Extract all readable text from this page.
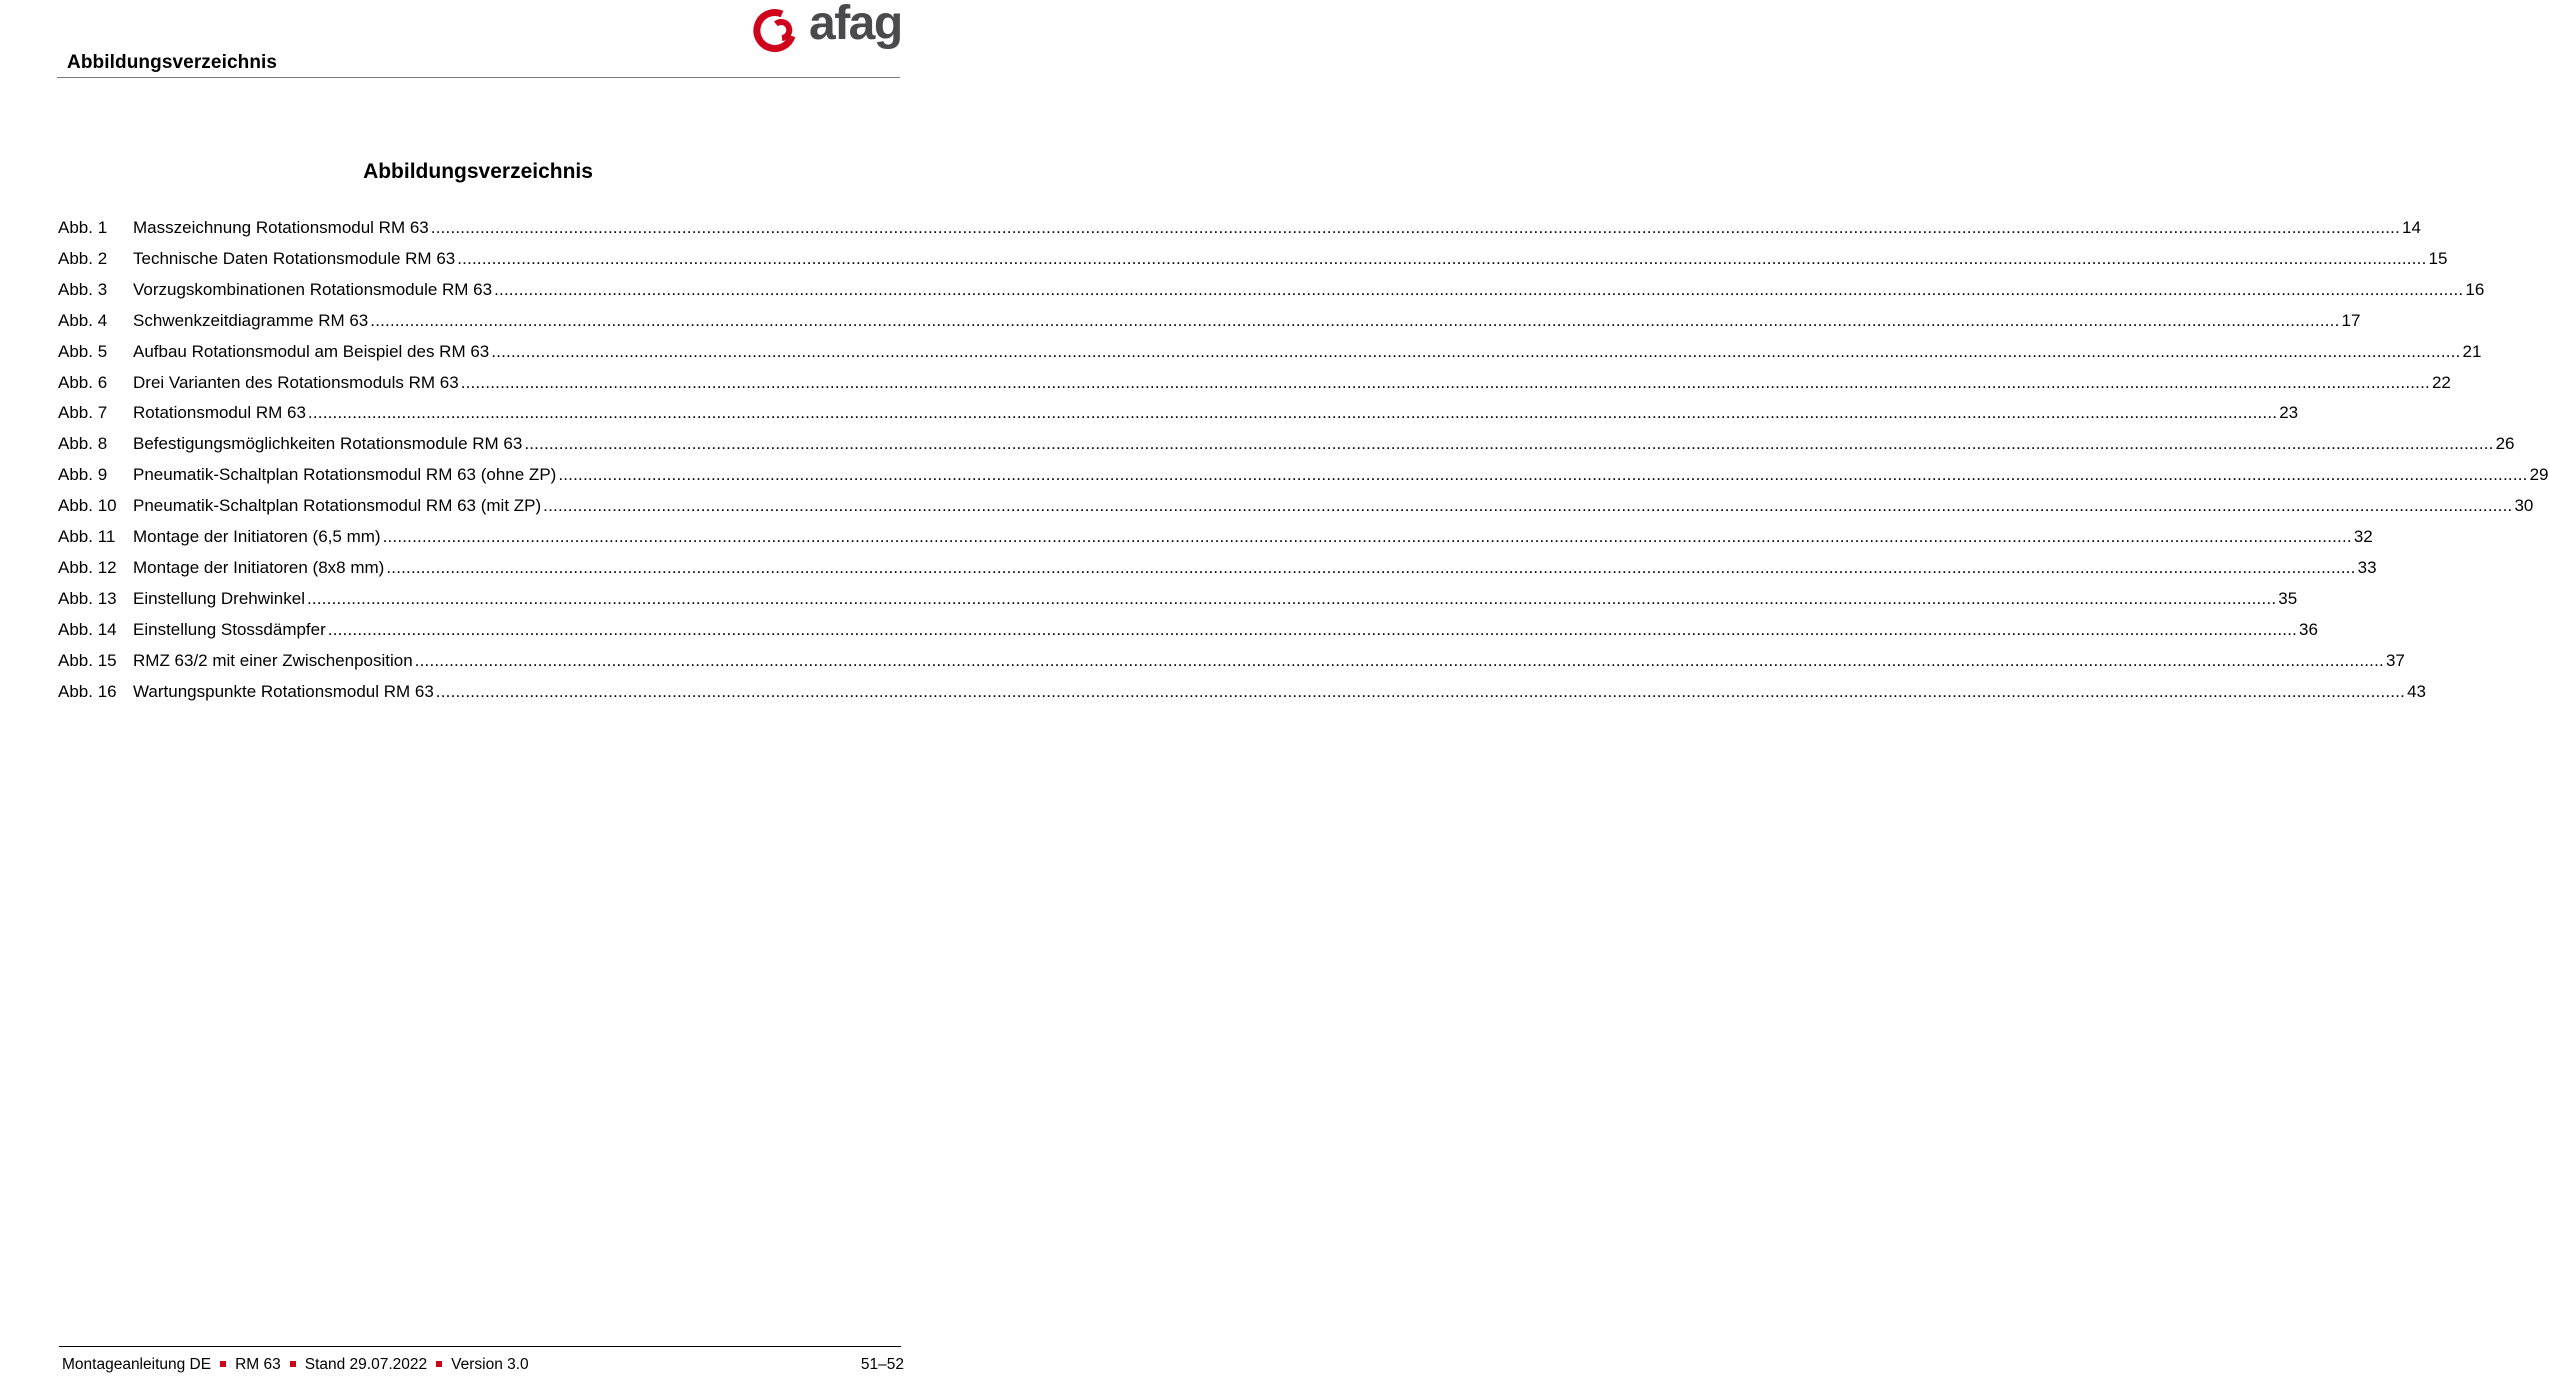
Abbildungsverzeichnis
afag
Abbildungsverzeichnis
Abb. 1	Masszeichnung Rotationsmodul RM 63 ................................................................................................................................................................................................................................................................................................................................................................................................................ 14
Abb. 2	Technische Daten Rotationsmodule RM 63 ................................................................................................................................................................................................................................................................................................................................................................................................................ 15
Abb. 3	Vorzugskombinationen Rotationsmodule RM 63 ................................................................................................................................................................................................................................................................................................................................................................................................................ 16
Abb. 4	Schwenkzeitdiagramme RM 63 ................................................................................................................................................................................................................................................................................................................................................................................................................ 17
Abb. 5	Aufbau Rotationsmodul am Beispiel des RM 63 ................................................................................................................................................................................................................................................................................................................................................................................................................ 21
Abb. 6	Drei Varianten des Rotationsmoduls RM 63 ................................................................................................................................................................................................................................................................................................................................................................................................................ 22
Abb. 7	Rotationsmodul RM 63 ................................................................................................................................................................................................................................................................................................................................................................................................................ 23
Abb. 8	Befestigungsmöglichkeiten Rotationsmodule RM 63 ................................................................................................................................................................................................................................................................................................................................................................................................................ 26
Abb. 9	Pneumatik-Schaltplan Rotationsmodul RM 63 (ohne ZP) ................................................................................................................................................................................................................................................................................................................................................................................................................ 29
Abb. 10 Pneumatik-Schaltplan Rotationsmodul RM 63 (mit ZP) ................................................................................................................................................................................................................................................................................................................................................................................................................ 30
Abb. 11	Montage der Initiatoren (6,5 mm) ................................................................................................................................................................................................................................................................................................................................................................................................................ 32
Abb. 12 Montage der Initiatoren (8x8 mm) ................................................................................................................................................................................................................................................................................................................................................................................................................ 33
Abb. 13 Einstellung Drehwinkel ................................................................................................................................................................................................................................................................................................................................................................................................................ 35
Abb. 14 Einstellung Stossdämpfer ................................................................................................................................................................................................................................................................................................................................................................................................................ 36
Abb. 15 RMZ 63/2 mit einer Zwischenposition ................................................................................................................................................................................................................................................................................................................................................................................................................ 37
Abb. 16 Wartungspunkte Rotationsmodul RM 63 ................................................................................................................................................................................................................................................................................................................................................................................................................ 43
Montageanleitung DE RM 63 Stand 29.07.2022 Version 3.0	51–52
